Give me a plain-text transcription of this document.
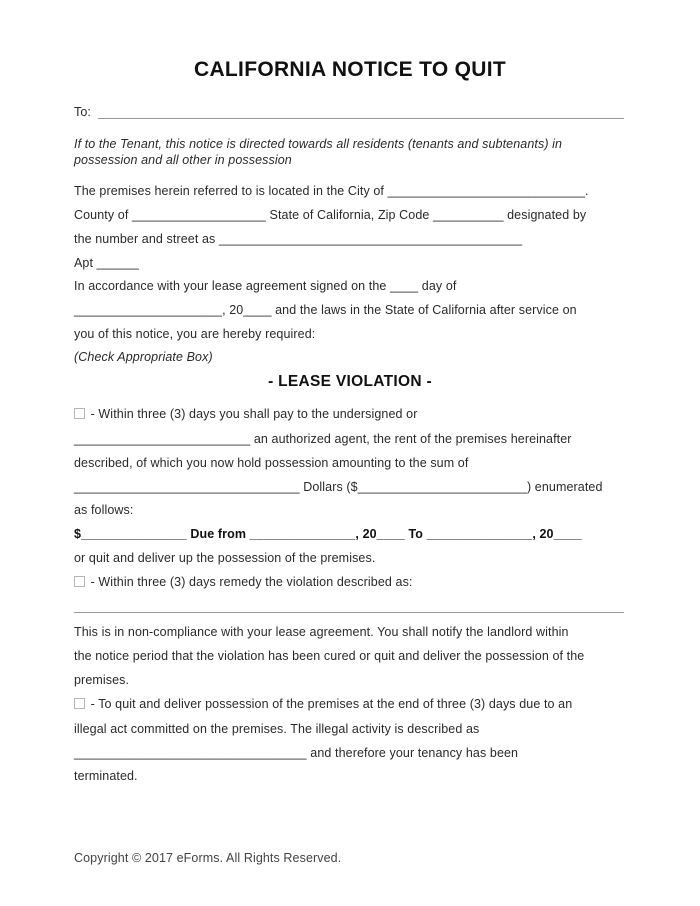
CALIFORNIA NOTICE TO QUIT
To:
If to the Tenant, this notice is directed towards all residents (tenants and subtenants) in
possession and all other in possession
The premises herein referred to is located in the City of ____________________________.
County of ___________________ State of California, Zip Code __________ designated by
the number and street as ___________________________________________
Apt ______
In accordance with your lease agreement signed on the ____ day of
_____________________, 20____ and the laws in the State of California after service on
you of this notice, you are hereby required:
(Check Appropriate Box)
- LEASE VIOLATION -
- Within three (3) days you shall pay to the undersigned or
_________________________ an authorized agent, the rent of the premises hereinafter
described, of which you now hold possession amounting to the sum of
________________________________ Dollars ($________________________) enumerated
as follows:
$_______________ Due from _______________, 20____ To _______________, 20____
or quit and deliver up the possession of the premises.
- Within three (3) days remedy the violation described as:
This is in non-compliance with your lease agreement. You shall notify the landlord within
the notice period that the violation has been cured or quit and deliver the possession of the
premises.
- To quit and deliver possession of the premises at the end of three (3) days due to an
illegal act committed on the premises. The illegal activity is described as
_________________________________ and therefore your tenancy has been
terminated.
Copyright © 2017 eForms. All Rights Reserved.
